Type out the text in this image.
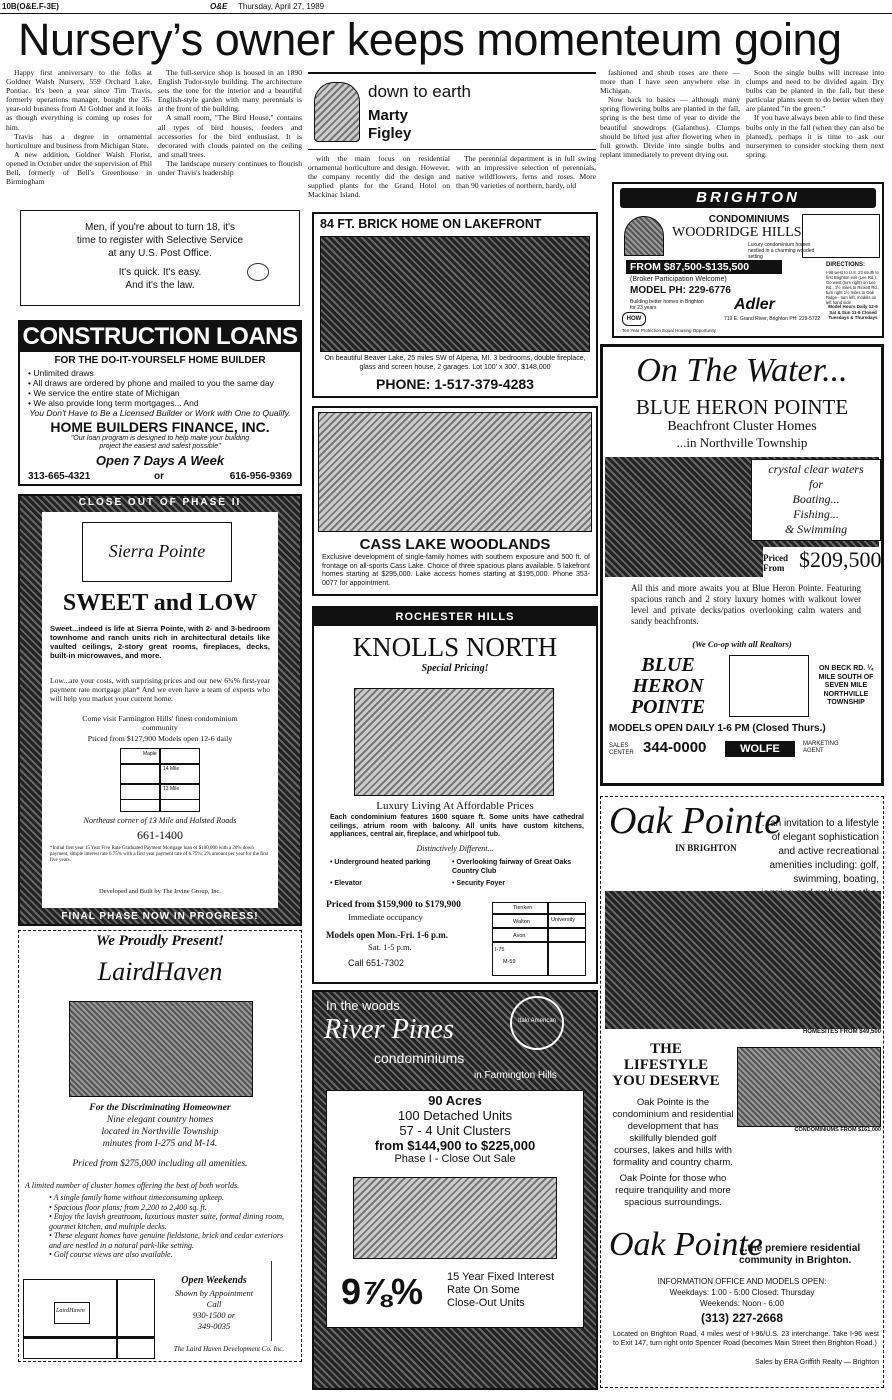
10B(O&E.F-3E)	O&E Thursday, April 27, 1989
Nursery’s owner keeps momenteum going

Happy first anniversary to the folks at Goldner Walsh Nursery, 559 Orchard Lake, Pontiac. It's been a year since Tim Travis, formerly operations manager, bought the 35-year-old business from Al Goldner and it looks as though everything is coming up roses for him.

Travis has a degree in ornamental horticulture and business from Michigan State.

A new addition, Goldner Walsh Florist, opened in October under the supervision of Phil Bell, formerly of Bell's Greenhouse in Birmingham

The full-service shop is housed in an 1890 English Tudor-style building. The architecture sets the tone for the interior and a beautiful English-style garden with many perennials is at the front of the building.

A small room, "The Bird House," contains all types of bird houses, feeders and accessories for the bird enthusiast. It is decorated with clouds painted on the ceiling and small trees.

The landscape nursery continues to flourish under Travis's leadership

down to earth
Marty
Figley

with the main focus on residential ornamental horticulture and design. However, the company recently did the design and supplied plants for the Grand Hotel on Mackinac Island.

The perennial department is in full swing with an impressive selection of perennials, native wildflowers, ferns and roses. More than 90 varieties of northern, hardy, old

fashioned and shrub roses are there — more than I have seen anywhere else in Michigan.

Now back to basics — although many spring flowering bulbs are planted in the fall, spring is the best time of year to divide the beautiful snowdrops (Galanthus). Clumps should be lifted just after flowering when in full growth. Divide into single bulbs and replant immediately to prevent drying out.

Soon the single bulbs will increase into clumps and need to be divided again. Dry bulbs can be planted in the fall, but these particular plants seem to do better when they are planted "in the green."

If you have always been able to find these bulbs only in the fall (when they can also be planted), perhaps it is time to ask our nurserymen to consider stocking them next spring.

Men, if you're about to turn 18, it's
time to register with Selective Service
at any U.S. Post Office.
It's quick. It's easy.
And it's the law.
CONSTRUCTION LOANS
FOR THE DO-IT-YOURSELF HOME BUILDER
• Unlimited draws
• All draws are ordered by phone and mailed to you the same day
• We service the entire state of Michigan
• We also provide long term mortgages... And
You Don't Have to Be a Licensed Builder or Work with One to Qualify.
HOME BUILDERS FINANCE, INC.
"Our loan program is designed to help make your building project the easiest and safest possible"
Open 7 Days A Week
313-665-4321	or	616-956-9369
CLOSE OUT OF PHASE II
Sierra Pointe
SWEET and LOW
Sweet...indeed is life at Sierra Pointe, with 2- and 3-bedroom townhome and ranch units rich in architectural details like vaulted ceilings, 2-story great rooms, fireplaces, decks, built-in microwaves, and more.
Low...are your costs, with surprising prices and our new 6¾% first-year payment rate mortgage plan* And we even have a team of experts who will help you market your current home.
Come visit Farmington Hills' finest condominium community
Priced from $127,900 Models open 12-6 daily
Maple
14 Mile
13 Mile
Northeast corner of 13 Mile and Halsted Roads
661-1400
*Initial first year 15 Year Five Rate Graduated Payment Mortgage loan of $100,000 with a 20% down payment, simple interest rate 6.75% with a first year payment rate of 6.75%; 2% amount per year for the first five years.
Developed and Built by The Irvine Group, Inc.
FINAL PHASE NOW IN PROGRESS!
We Proudly Present!
LairdHaven
For the Discriminating Homeowner
Nine elegant country homes
located in Northville Township
minutes from I-275 and M-14.
Priced from $275,000 including all amenities.
A limited number of cluster homes offering the best of both worlds.
• A single family home without timeconsuming upkeep.
• Spacious floor plans; from 2,200 to 2,400 sq. ft.
• Enjoy the lavish greatroom, luxurious master suite, formal dining room, gourmet kitchen, and multiple decks.
• These elegant homes have genuine fieldstone, brick and cedar exteriors and are nestled in a natural park-like setting.
• Golf course views are also available.
LairdHaven
Open Weekends
Shown by Appointment
Call
930-1500 or
349-0035
The Laird Haven Development Co. Inc.
84 FT. BRICK HOME ON LAKEFRONT
On beautiful Beaver Lake, 25 miles SW of Alpena, MI. 3 bedrooms, double fireplace, glass and screen house, 2 garages. Lot 100' x 300'. $148,000
PHONE: 1-517-379-4283
CASS LAKE WOODLANDS
Exclusive development of single-family homes with southern exposure and 500 ft. of frontage on all-sports Cass Lake. Choice of three spacious plans available. 5 lakefront homes starting at $295,000. Lake access homes starting at $195,000. Phone 353-0077 for appointment.
ROCHESTER HILLS
KNOLLS NORTH
Special Pricing!
Luxury Living At Affordable Prices
Each condominium features 1600 square ft. Some units have cathedral ceilings, atrium room with balcony. All units have custom kitchens, appliances, central air, fireplace, and whirlpool tub.
Distinctively Different...
• Underground heated parking
• Elevator
• Overlooking fairway of Great Oaks Country Club
• Security Foyer
Priced from $159,900 to $179,900
Immediate occupancy
Models open Mon.-Fri. 1-6 p.m.
Sat. 1-5 p.m.
Call 651-7302
Tienken
University
Walton
Avon
M-59
I-75
In the woods
River Pines
condominiums
in Farmington Hills
Italo American
90 Acres
100 Detached Units
57 - 4 Unit Clusters
from $144,900 to $225,000
Phase I - Close Out Sale
9⅞% 15 Year Fixed Interest
Rate On Some
Close-Out Units
BRIGHTON
CONDOMINIUMS
WOODRIDGE HILLS
Luxury condominium homes nestled in a charming wooded setting
FROM $87,500-$135,500
(Broker Participation Welcome)
MODEL PH: 229-6776
Building better homes in Brighton for 23 years	Adler
719 E. Grand River, Brighton PH: 229-5722
HOW
Ten Year Protection Equal Housing Opportunity
DIRECTIONS:
I-96 west to U.S. 23 south to first Brighton exit (Lee Rd.). Go west (turn right) on Lee Rd., 1½ miles to Rickett Rd., turn right 1½ miles to Oak Ridge - turn left, models on left hand side
Model Hours Daily 12-6 Sat & Sun 11-6 Closed Tuesdays & Thursdays
On The Water...
BLUE HERON POINTE
Beachfront Cluster Homes
...in Northville Township
crystal clear waters
for
Boating...
Fishing...
& Swimming
Priced From $209,500
All this and more awaits you at Blue Heron Pointe. Featuring spacious ranch and 2 story luxury homes with walkout lower level and private decks/patios overlooking calm waters and sandy beachfronts.
(We Co-op with all Realtors)
BLUE
HERON
POINTE
ON BECK RD. ¼ MILE SOUTH OF SEVEN MILE NORTHVILLE TOWNSHIP
MODELS OPEN DAILY 1-6 PM (Closed Thurs.)
SALES CENTER 344-0000	WOLFE	MARKETING AGENT
Oak Pointe
IN BRIGHTON
...an invitation to a lifestyle of elegant sophistication and active recreational amenities including: golf, swimming, boating,
HOMESITES FROM $49,500
THE
LIFESTYLE
YOU DESERVE
CONDOMINIUMS FROM $161,000
Oak Pointe is the condominium and residential development that has skillfully blended golf courses, lakes and hills with formality and country charm.
Oak Pointe for those who require tranquility and more spacious surroundings.
Oak Pointe
...the premiere residential community in Brighton.
INFORMATION OFFICE AND MODELS OPEN:
Weekdays: 1:00 - 5:00 Closed: Thursday
Weekends: Noon - 6:00
(313) 227-2668
Located on Brighton Road, 4 miles west of I-96/U.S. 23 interchange. Take I-96 west to Exit 147, turn right onto Spencer Road (becomes Main Street then Brighton Road.)
Sales by ERA Griffith Realty — Brighton
